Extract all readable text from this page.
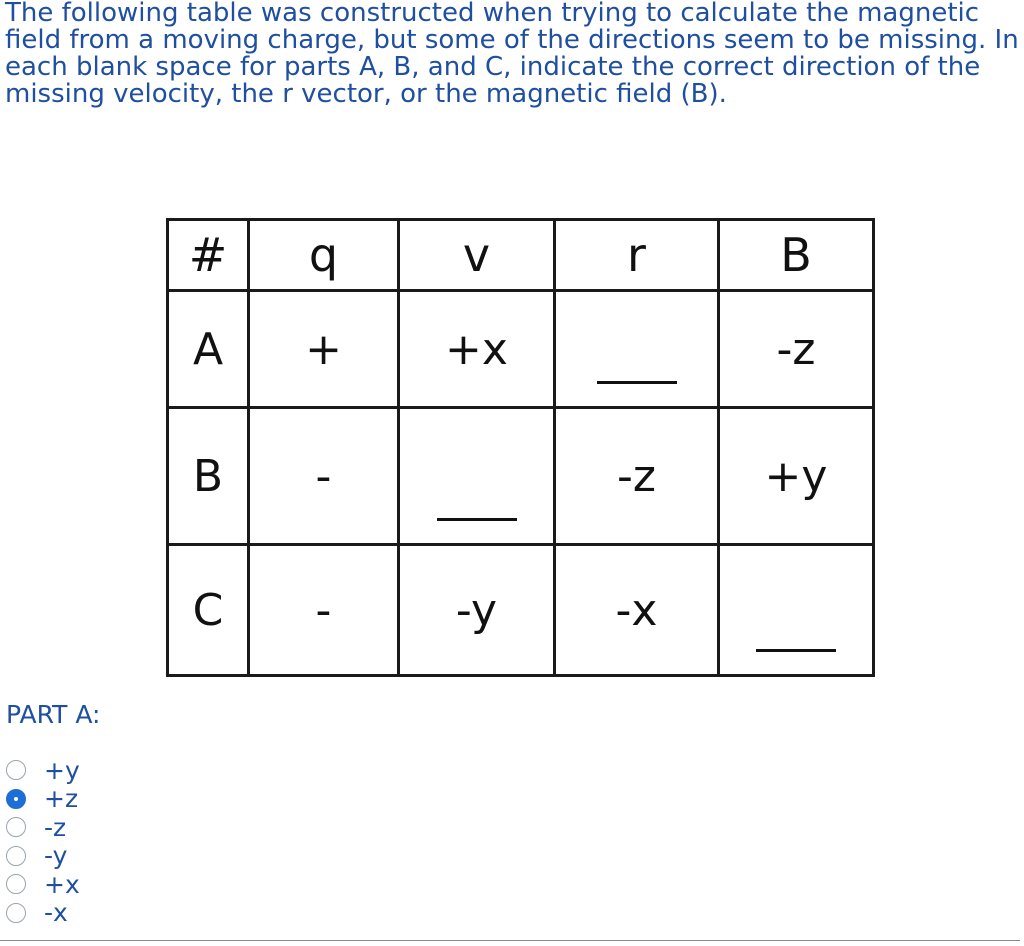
The following table was constructed when trying to calculate the magnetic field from a moving charge, but some of the directions seem to be missing. In each blank space for parts A, B, and C, indicate the correct direction of the missing velocity, the r vector, or the magnetic field (B).

#	q	v	r	B
A	+	+x		-z
B	-		-z	+y
C	-	-y	-x	
PART A:
+y
+z
-z
-y
+x
-x
